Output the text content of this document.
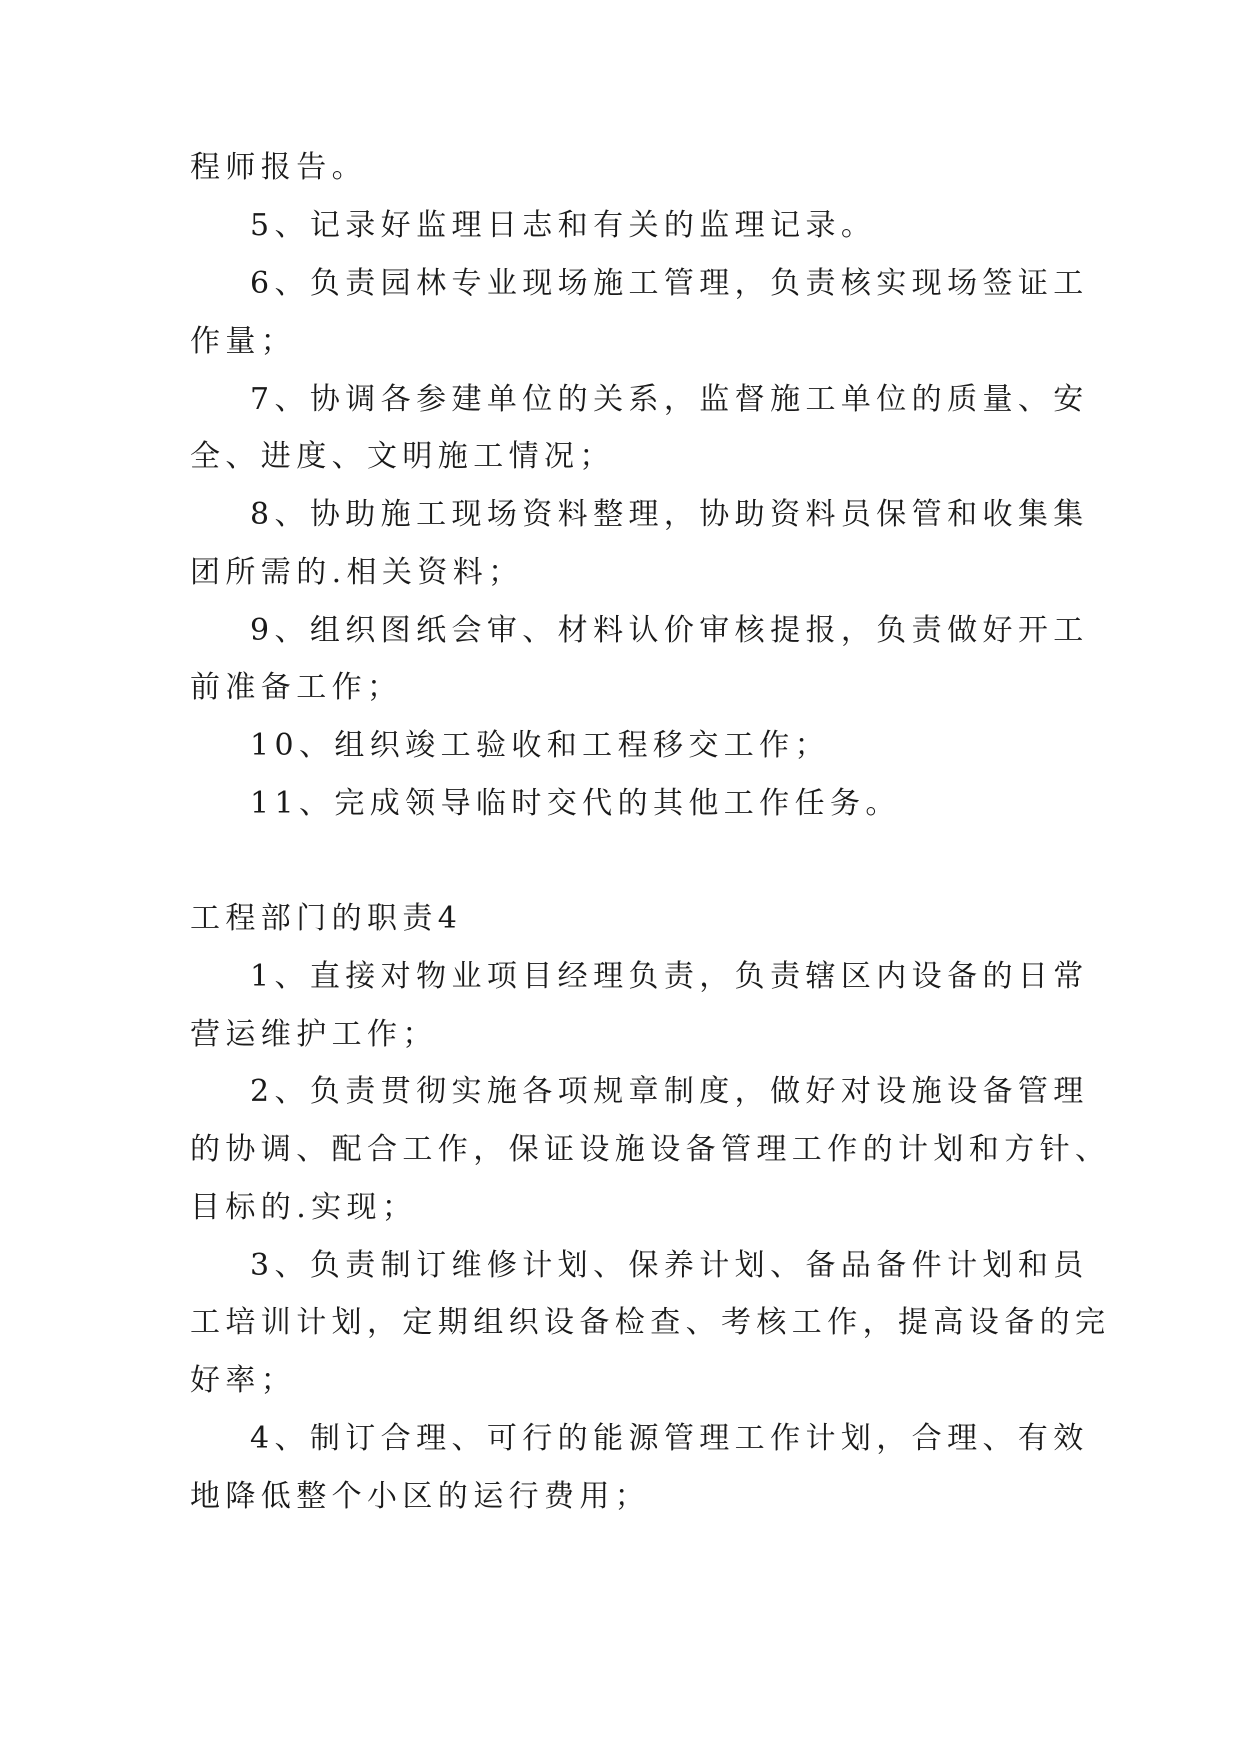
程师报告。
5、记录好监理日志和有关的监理记录。
6、负责园林专业现场施工管理，负责核实现场签证工
作量；
7、协调各参建单位的关系，监督施工单位的质量、安
全、进度、文明施工情况；
8、协助施工现场资料整理，协助资料员保管和收集集
团所需的.相关资料；
9、组织图纸会审、材料认价审核提报，负责做好开工
前准备工作；
10、组织竣工验收和工程移交工作；
11、完成领导临时交代的其他工作任务。
工程部门的职责4
1、直接对物业项目经理负责，负责辖区内设备的日常
营运维护工作；
2、负责贯彻实施各项规章制度，做好对设施设备管理
的协调、配合工作，保证设施设备管理工作的计划和方针、
目标的.实现；
3、负责制订维修计划、保养计划、备品备件计划和员
工培训计划，定期组织设备检查、考核工作，提高设备的完
好率；
4、制订合理、可行的能源管理工作计划，合理、有效
地降低整个小区的运行费用；
